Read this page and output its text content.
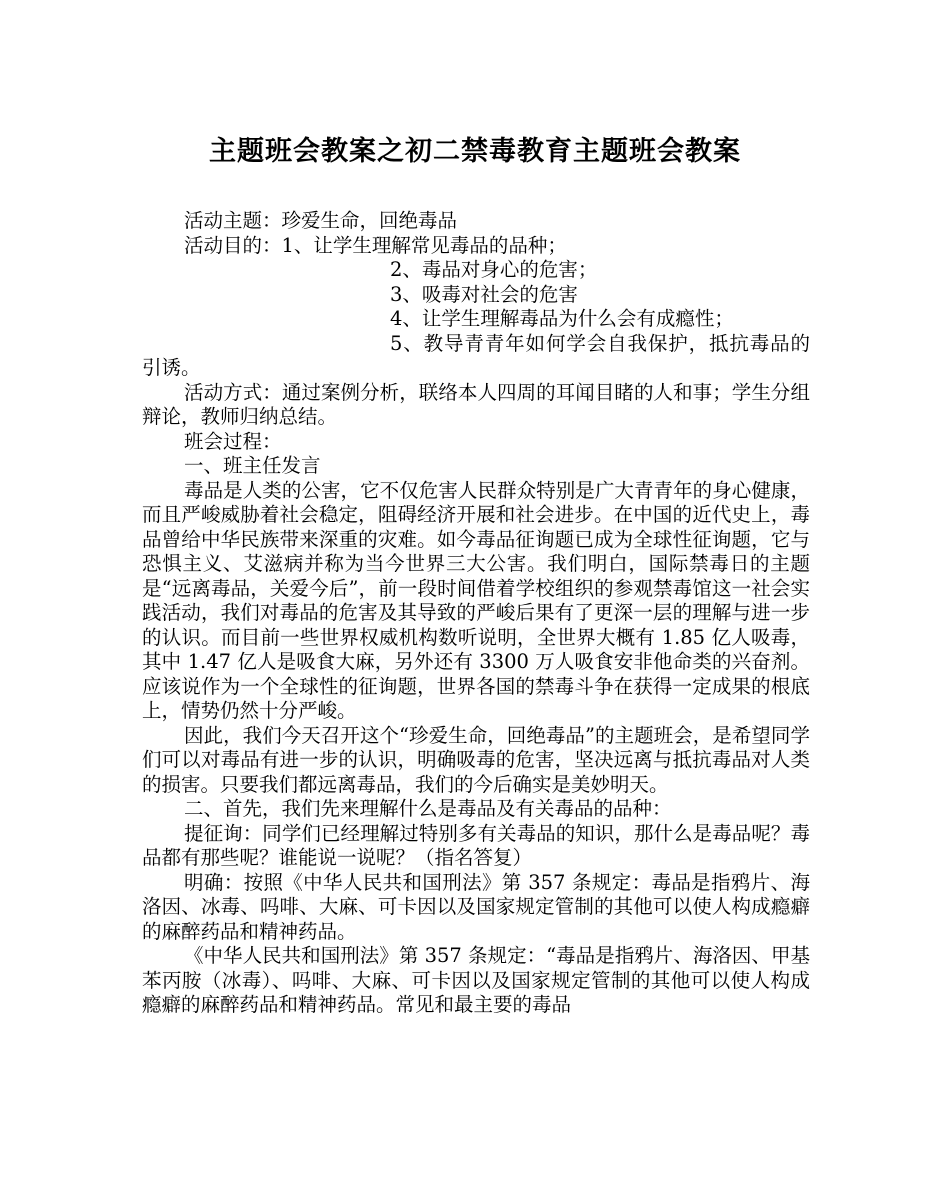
主题班会教案之初二禁毒教育主题班会教案

活动主题：珍爱生命，回绝毒品

活动目的：1、让学生理解常见毒品的品种；

2、毒品对身心的危害；

3、吸毒对社会的危害

4、让学生理解毒品为什么会有成瘾性；

5、教导青青年如何学会自我保护，抵抗毒品的引诱。

活动方式：通过案例分析，联络本人四周的耳闻目睹的人和事；学生分组辩论，教师归纳总结。

班会过程：

一、班主任发言

毒品是人类的公害，它不仅危害人民群众特别是广大青青年的身心健康，而且严峻威胁着社会稳定，阻碍经济开展和社会进步。在中国的近代史上，毒品曾给中华民族带来深重的灾难。如今毒品征询题已成为全球性征询题，它与恐惧主义、艾滋病并称为当今世界三大公害。我们明白，国际禁毒日的主题是“远离毒品，关爱今后”，前一段时间借着学校组织的参观禁毒馆这一社会实践活动，我们对毒品的危害及其导致的严峻后果有了更深一层的理解与进一步的认识。而目前一些世界权威机构数听说明，全世界大概有 1.85 亿人吸毒，其中 1.47 亿人是吸食大麻，另外还有 3300 万人吸食安非他命类的兴奋剂。应该说作为一个全球性的征询题，世界各国的禁毒斗争在获得一定成果的根底上，情势仍然十分严峻。

因此，我们今天召开这个“珍爱生命，回绝毒品”的主题班会，是希望同学们可以对毒品有进一步的认识，明确吸毒的危害，坚决远离与抵抗毒品对人类的损害。只要我们都远离毒品，我们的今后确实是美妙明天。

二、首先，我们先来理解什么是毒品及有关毒品的品种：

提征询：同学们已经理解过特别多有关毒品的知识，那什么是毒品呢？毒品都有那些呢？谁能说一说呢？（指名答复）

明确：按照《中华人民共和国刑法》第 357 条规定：毒品是指鸦片、海洛因、冰毒、吗啡、大麻、可卡因以及国家规定管制的其他可以使人构成瘾癖的麻醉药品和精神药品。

《中华人民共和国刑法》第 357 条规定：“毒品是指鸦片、海洛因、甲基苯丙胺（冰毒）、吗啡、大麻、可卡因以及国家规定管制的其他可以使人构成瘾癖的麻醉药品和精神药品。常见和最主要的毒品
